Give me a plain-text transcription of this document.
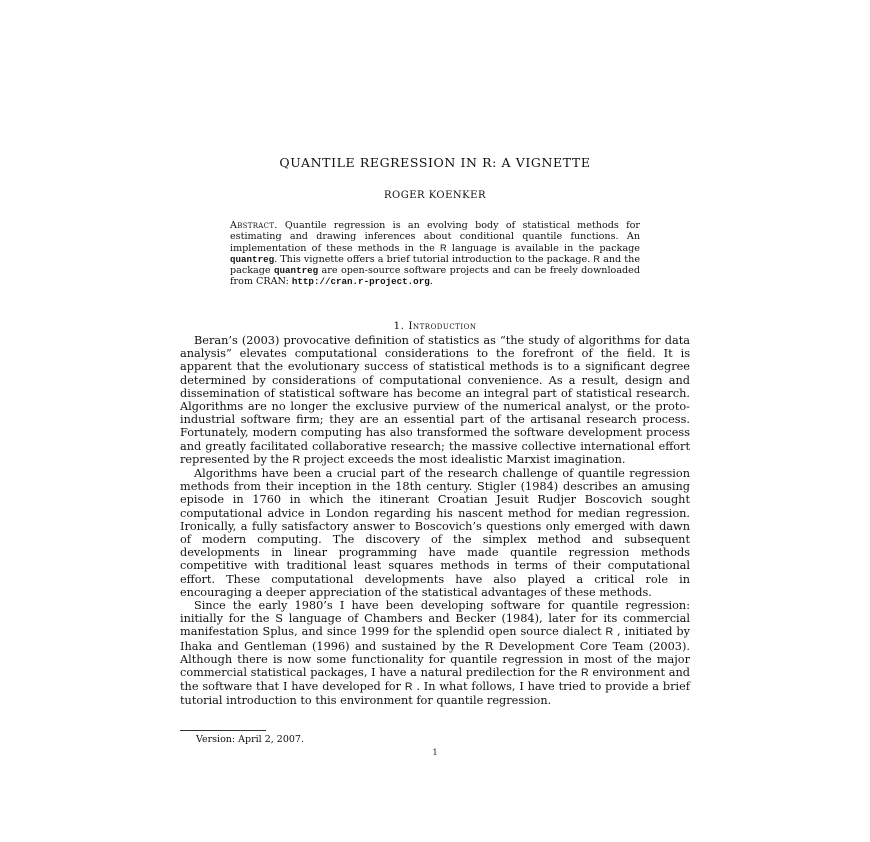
QUANTILE REGRESSION IN R: A VIGNETTE
ROGER KOENKER
Abstract. Quantile regression is an evolving body of statistical methods for estimating and drawing inferences about conditional quantile functions. An implementation of these methods in the R language is available in the package quantreg. This vignette offers a brief tutorial introduction to the package. R and the package quantreg are open-source software projects and can be freely downloaded from CRAN: http://cran.r-project.org.
1. Introduction

Beran’s (2003) provocative definition of statistics as “the study of algorithms for data analysis” elevates computational considerations to the forefront of the field. It is apparent that the evolutionary success of statistical methods is to a significant degree determined by considerations of computational convenience. As a result, design and dissemination of statistical software has become an integral part of statistical research. Algorithms are no longer the exclusive purview of the numerical analyst, or the proto-industrial software firm; they are an essential part of the artisanal research process. Fortunately, modern computing has also transformed the software development process and greatly facilitated collaborative research; the massive collective international effort represented by the R project exceeds the most idealistic Marxist imagination.

Algorithms have been a crucial part of the research challenge of quantile regression methods from their inception in the 18th century. Stigler (1984) describes an amusing episode in 1760 in which the itinerant Croatian Jesuit Rudjer Boscovich sought computational advice in London regarding his nascent method for median regression. Ironically, a fully satisfactory answer to Boscovich’s questions only emerged with dawn of modern computing. The discovery of the simplex method and subsequent developments in linear programming have made quantile regression methods competitive with traditional least squares methods in terms of their computational effort. These computational developments have also played a critical role in encouraging a deeper appreciation of the statistical advantages of these methods.

Since the early 1980’s I have been developing software for quantile regression: initially for the S language of Chambers and Becker (1984), later for its commercial manifestation Splus, and since 1999 for the splendid open source dialect R , initiated by Ihaka and Gentleman (1996) and sustained by the R Development Core Team (2003). Although there is now some functionality for quantile regression in most of the major commercial statistical packages, I have a natural predilection for the R environment and the software that I have developed for R . In what follows, I have tried to provide a brief tutorial introduction to this environment for quantile regression.

Version: April 2, 2007.
1
